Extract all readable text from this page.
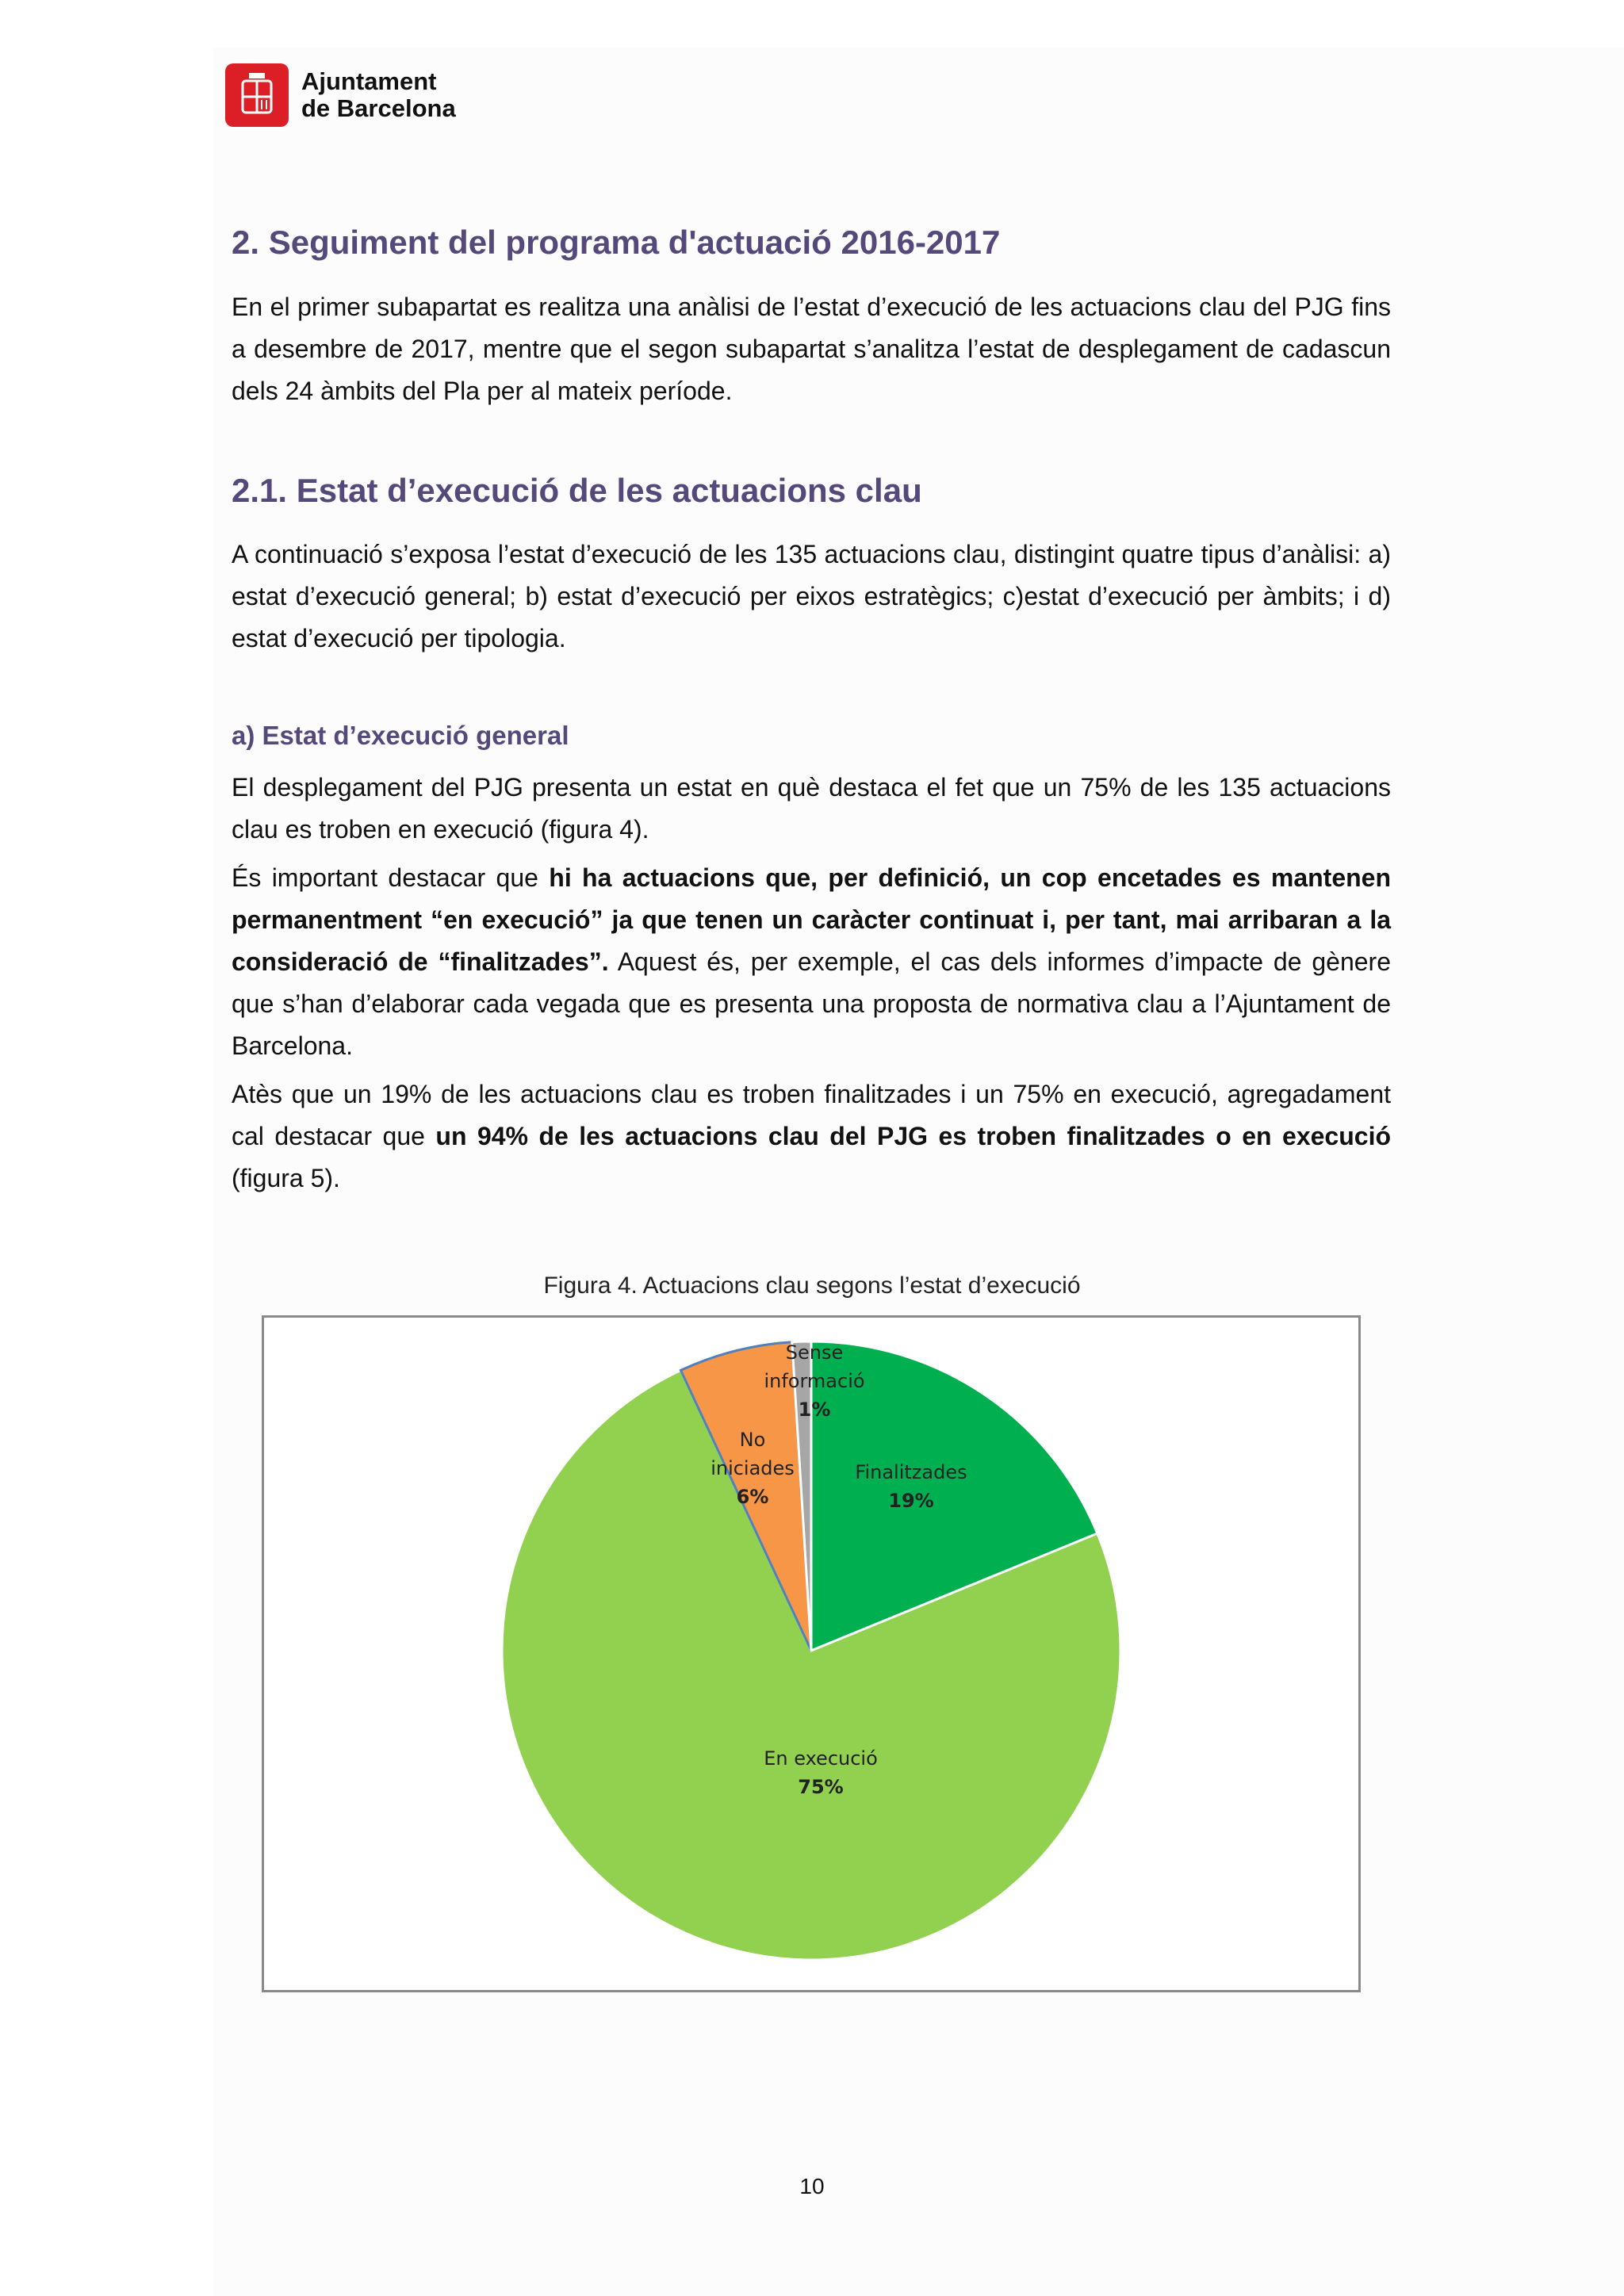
Ajuntament
de Barcelona
2. Seguiment del programa d'actuació 2016-2017

En el primer subapartat es realitza una anàlisi de l’estat d’execució de les actuacions clau del PJG fins a desembre de 2017, mentre que el segon subapartat s’analitza l’estat de desplegament de cadascun dels 24 àmbits del Pla per al mateix període.

2.1. Estat d’execució de les actuacions clau

A continuació s’exposa l’estat d’execució de les 135 actuacions clau, distingint quatre tipus d’anàlisi: a) estat d’execució general; b) estat d’execució per eixos estratègics; c)estat d’execució per àmbits; i d) estat d’execució per tipologia.

a) Estat d’execució general

El desplegament del PJG presenta un estat en què destaca el fet que un 75% de les 135 actuacions clau es troben en execució (figura 4).

És important destacar que hi ha actuacions que, per definició, un cop encetades es mantenen permanentment “en execució” ja que tenen un caràcter continuat i, per tant, mai arribaran a la consideració de “finalitzades”. Aquest és, per exemple, el cas dels informes d’impacte de gènere que s’han d’elaborar cada vegada que es presenta una proposta de normativa clau a l’Ajuntament de Barcelona.

Atès que un 19% de les actuacions clau es troben finalitzades i un 75% en execució, agregadament cal destacar que un 94% de les actuacions clau del PJG es troben finalitzades o en execució (figura 5).

Figura 4. Actuacions clau segons l’estat d’execució
Finalitzades
19%
En execució
75%
No
iniciades
6%
Sense
informació
1%
10
